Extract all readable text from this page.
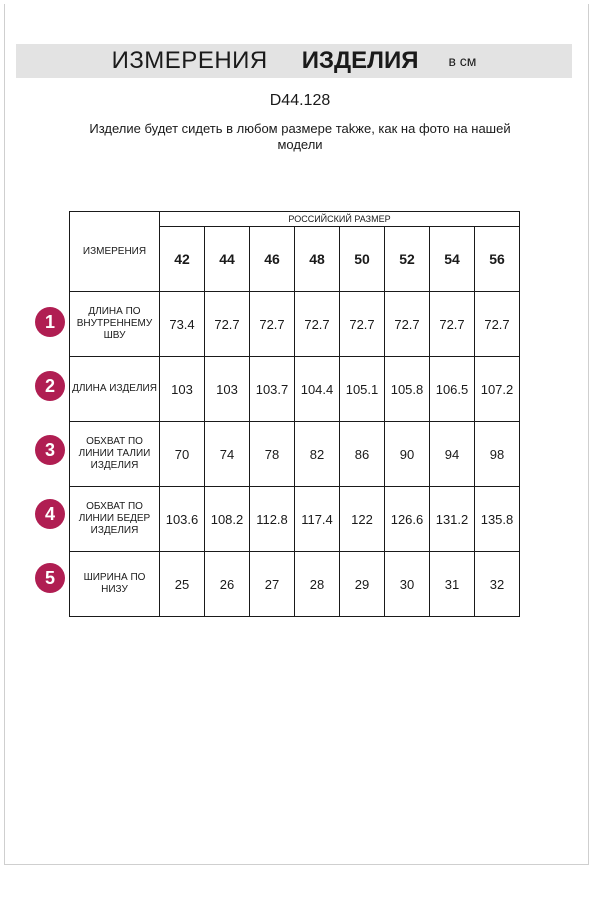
ИЗМЕРЕНИЯ ИЗДЕЛИЯ в см
D44.128
Изделие будет сидеть в любом размере таkже, как на фото на нашей модели
ИЗМЕРЕНИЯ	РОССИЙСКИЙ РАЗМЕР							
	42	44	46	48	50	52	54	56
ДЛИНА ПО ВНУТРЕННЕМУ ШВУ	73.4	72.7	72.7	72.7	72.7	72.7	72.7	72.7
ДЛИНА ИЗДЕЛИЯ	103	103	103.7	104.4	105.1	105.8	106.5	107.2
ОБХВАТ ПО ЛИНИИ ТАЛИИ ИЗДЕЛИЯ	70	74	78	82	86	90	94	98
ОБХВАТ ПО ЛИНИИ БЕДЕР ИЗДЕЛИЯ	103.6	108.2	112.8	117.4	122	126.6	131.2	135.8
ШИРИНА ПО НИЗУ	25	26	27	28	29	30	31	32
1
2
3
4
5
